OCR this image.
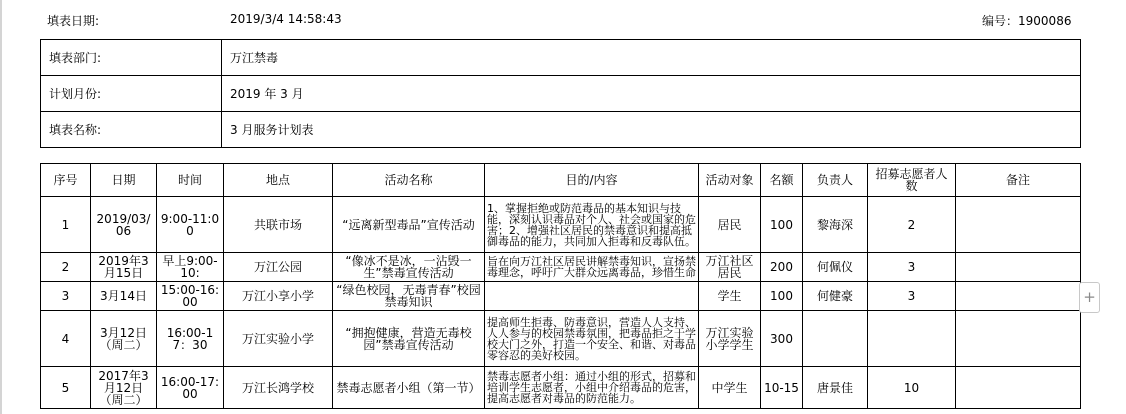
填表日期:	2019/3/4 14:58:43	编号：1900086
填表部门:	万江禁毒
计划月份:	2019 年 3 月
填表名称:	3 月服务计划表
序号	日期	时间	地点	活动名称	目的/内容	活动对象	名额	负责人	招募志愿者人数	备注
1	2019/03/06	9:00-11:00	共联市场	“远离新型毒品”宣传活动	1、掌握拒绝或防范毒品的基本知识与技能，深刻认识毒品对个人、社会或国家的危害；2、增强社区居民的禁毒意识和提高抵御毒品的能力，共同加入拒毒和反毒队伍。	居民	100	黎海深	2	
2	2019年3月15日	早上9:00-10:	万江公园	“像冰不是冰，一沾毁一生”禁毒宣传活动	旨在向万江社区居民讲解禁毒知识，宣扬禁毒理念，呼吁广大群众远离毒品，珍惜生命	万江社区居民	200	何佩仪	3	
3	3月14日	15:00-16:00	万江小享小学	“绿色校园，无毒青春”校园禁毒知识		学生	100	何健豪	3	
4	3月12日（周二）	16:00-17：30	万江实验小学	“拥抱健康，营造无毒校园”禁毒宣传活动	提高师生拒毒、防毒意识，营造人人支持、人人参与的校园禁毒氛围，把毒品拒之于学校大门之外，打造一个安全、和谐、对毒品零容忍的美好校园。	万江实验小学学生	300			
5	2017年3月12日（周二）	16:00-17:00	万江长鸿学校	禁毒志愿者小组（第一节）	禁毒志愿者小组：通过小组的形式，招募和培训学生志愿者，小组中介绍毒品的危害，提高志愿者对毒品的防范能力。	中学生	10-15	唐景佳	10	
+
